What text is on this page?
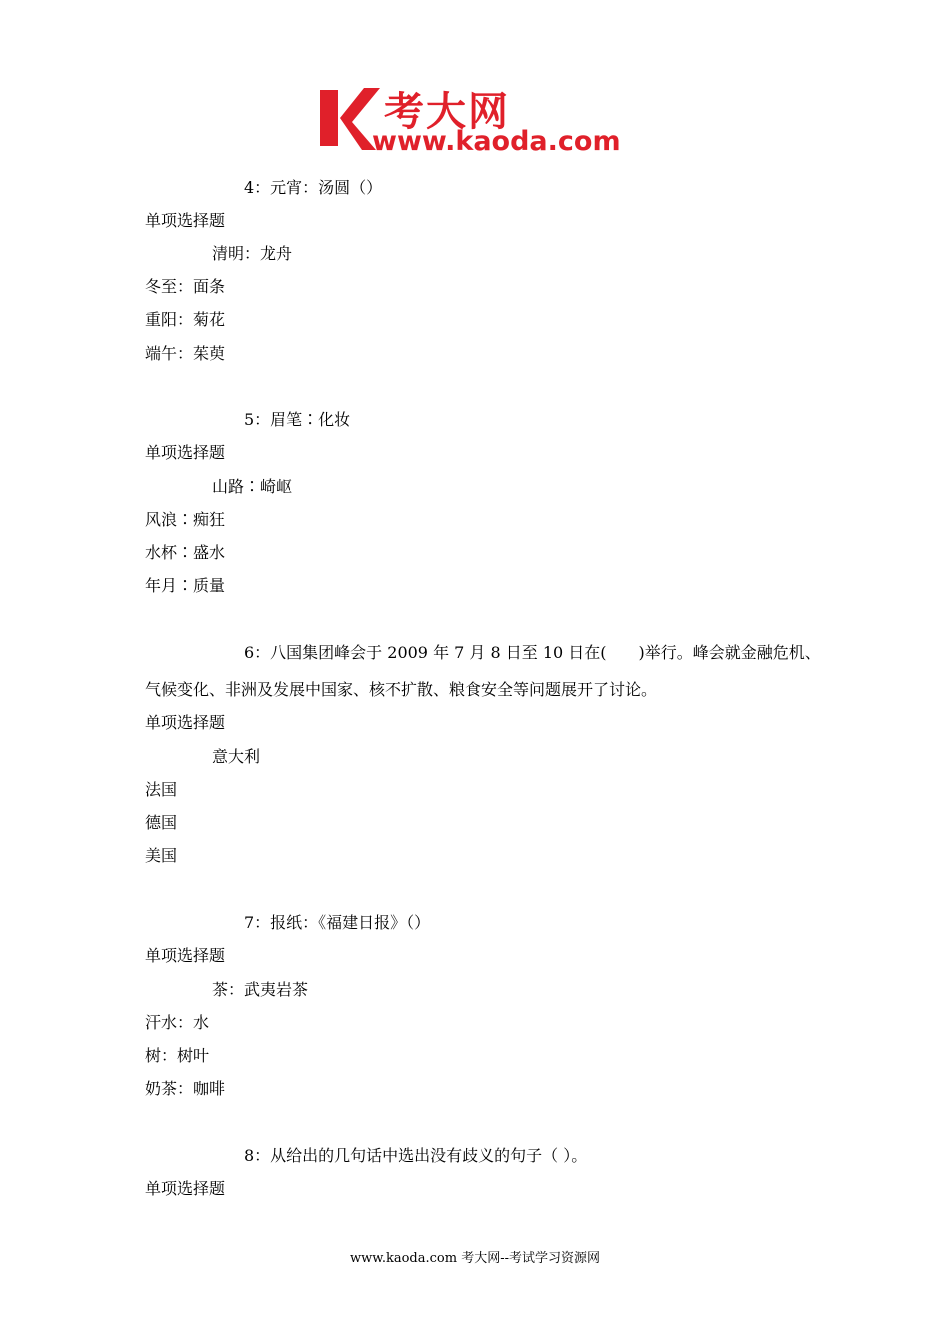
考大网
www.kaoda.com
4：元宵：汤圆（）
单项选择题
清明：龙舟
冬至：面条
重阳：菊花
端午：茱萸
5：眉笔∶化妆
单项选择题
山路∶崎岖
风浪∶痴狂
水杯∶盛水
年月∶质量
6：八国集团峰会于 2009 年 7 月 8 日至 10 日在(　　)举行。峰会就金融危机、
气候变化、非洲及发展中国家、核不扩散、粮食安全等问题展开了讨论。
单项选择题
意大利
法国
德国
美国
7：报纸：《福建日报》（）
单项选择题
茶：武夷岩茶
汗水：水
树：树叶
奶茶：咖啡
8：从给出的几句话中选出没有歧义的句子（ ）。
单项选择题
www.kaoda.com 考大网--考试学习资源网
